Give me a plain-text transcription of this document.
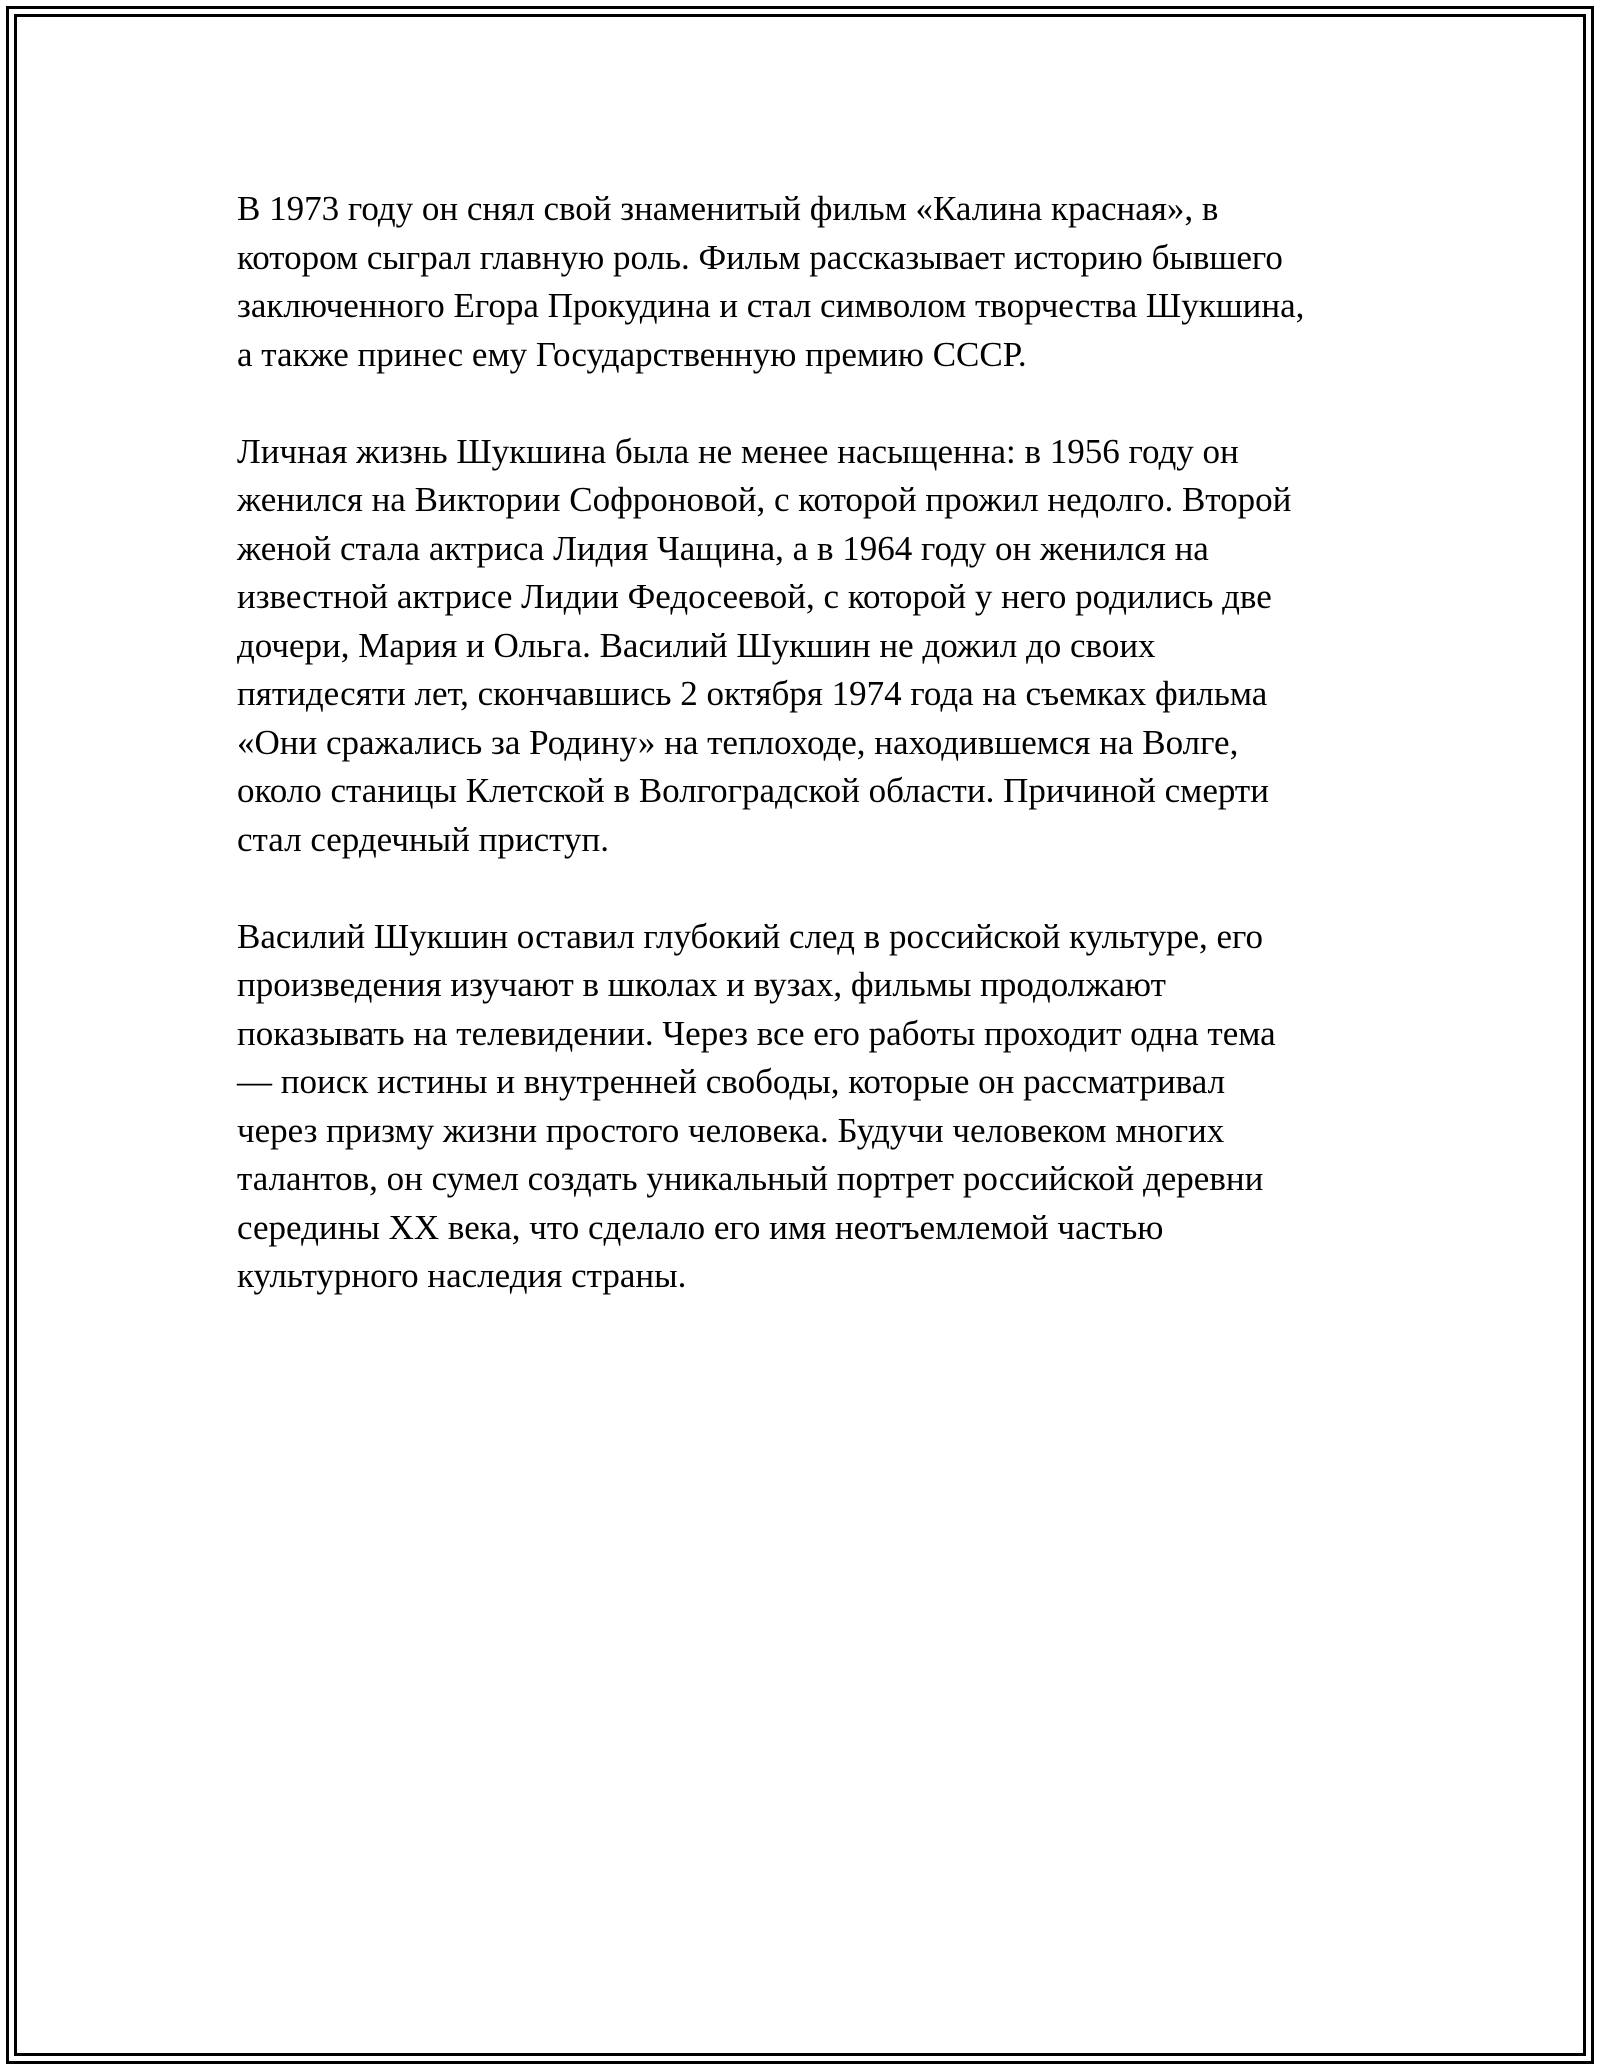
В 1973 году он снял свой знаменитый фильм «Калина красная», в
котором сыграл главную роль. Фильм рассказывает историю бывшего
заключенного Егора Прокудина и стал символом творчества Шукшина,
а также принес ему Государственную премию СССР.

Личная жизнь Шукшина была не менее насыщенна: в 1956 году он
женился на Виктории Софроновой, с которой прожил недолго. Второй
женой стала актриса Лидия Чащина, а в 1964 году он женился на
известной актрисе Лидии Федосеевой, с которой у него родились две
дочери, Мария и Ольга. Василий Шукшин не дожил до своих
пятидесяти лет, скончавшись 2 октября 1974 года на съемках фильма
«Они сражались за Родину» на теплоходе, находившемся на Волге,
около станицы Клетской в Волгоградской области. Причиной смерти
стал сердечный приступ.

Василий Шукшин оставил глубокий след в российской культуре, его
произведения изучают в школах и вузах, фильмы продолжают
показывать на телевидении. Через все его работы проходит одна тема
— поиск истины и внутренней свободы, которые он рассматривал
через призму жизни простого человека. Будучи человеком многих
талантов, он сумел создать уникальный портрет российской деревни
середины XX века, что сделало его имя неотъемлемой частью
культурного наследия страны.
